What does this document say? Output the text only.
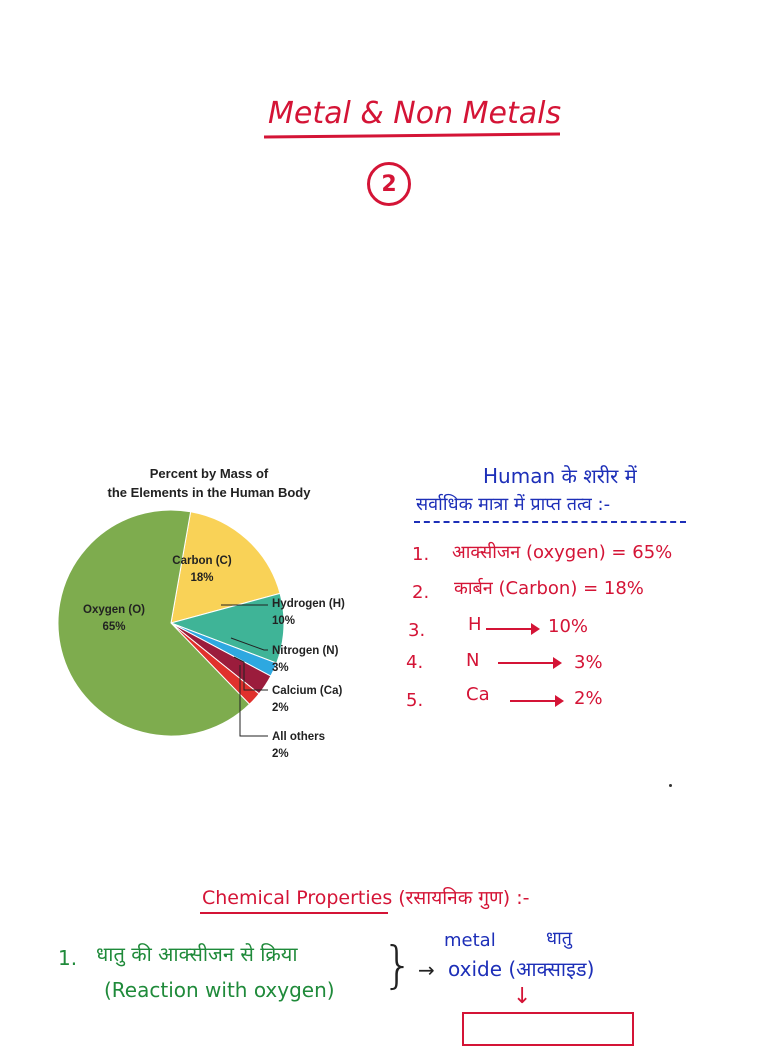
Metal & Non Metals
2
Percent by Mass of
the Elements in the Human Body
Oxygen (O)
65%
Carbon (C)
18%
Hydrogen (H)
10%
Nitrogen (N)
3%
Calcium (Ca)
2%
All others
2%
Human के शरीर में
सर्वाधिक मात्रा में प्राप्त तत्व :-
1. आक्सीजन (oxygen) = 65%
2. कार्बन (Carbon) = 18%
3. H	10%
4. N	3%
5. Ca	2%
Chemical Properties (रसायनिक गुण) :-
1. धातु की आक्सीजन से क्रिया
(Reaction with oxygen) } →
metal	धातु
oxide (आक्साइड)
↓
